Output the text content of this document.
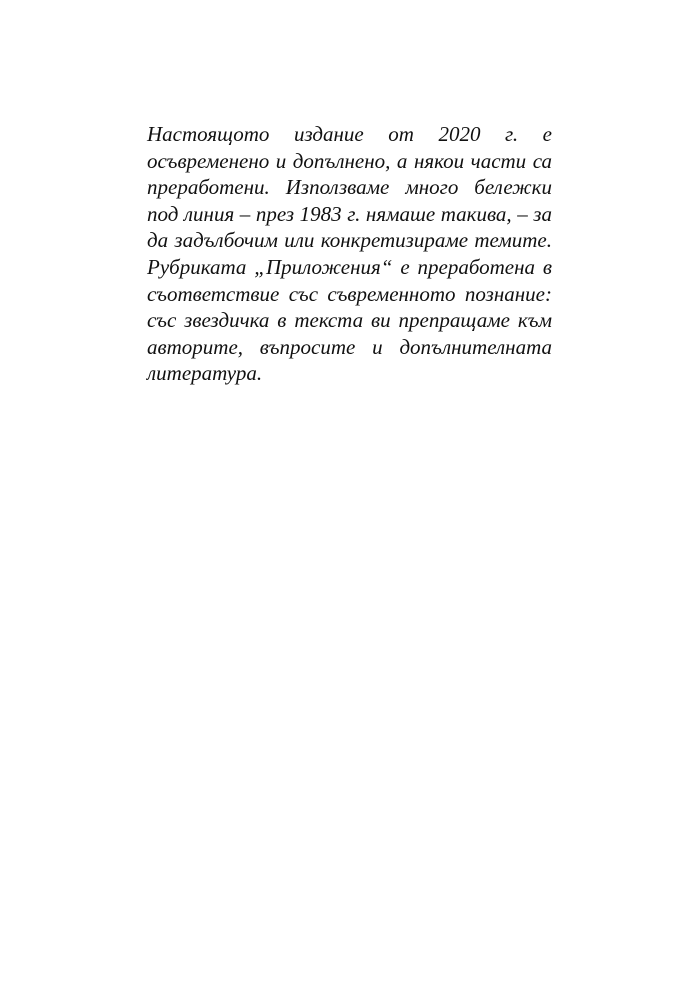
Настоящото издание от 2020 г. е
осъвременено и допълнено, а някои части са
преработени. Използваме много бележки
под линия – през 1983 г. нямаше такива, – за
да задълбочим или конкретизираме темите.
Рубриката „Приложения“ е преработена в
съответствие със съвременното познание:
със звездичка в текста ви препращаме към
авторите, въпросите и допълнителната
литература.
